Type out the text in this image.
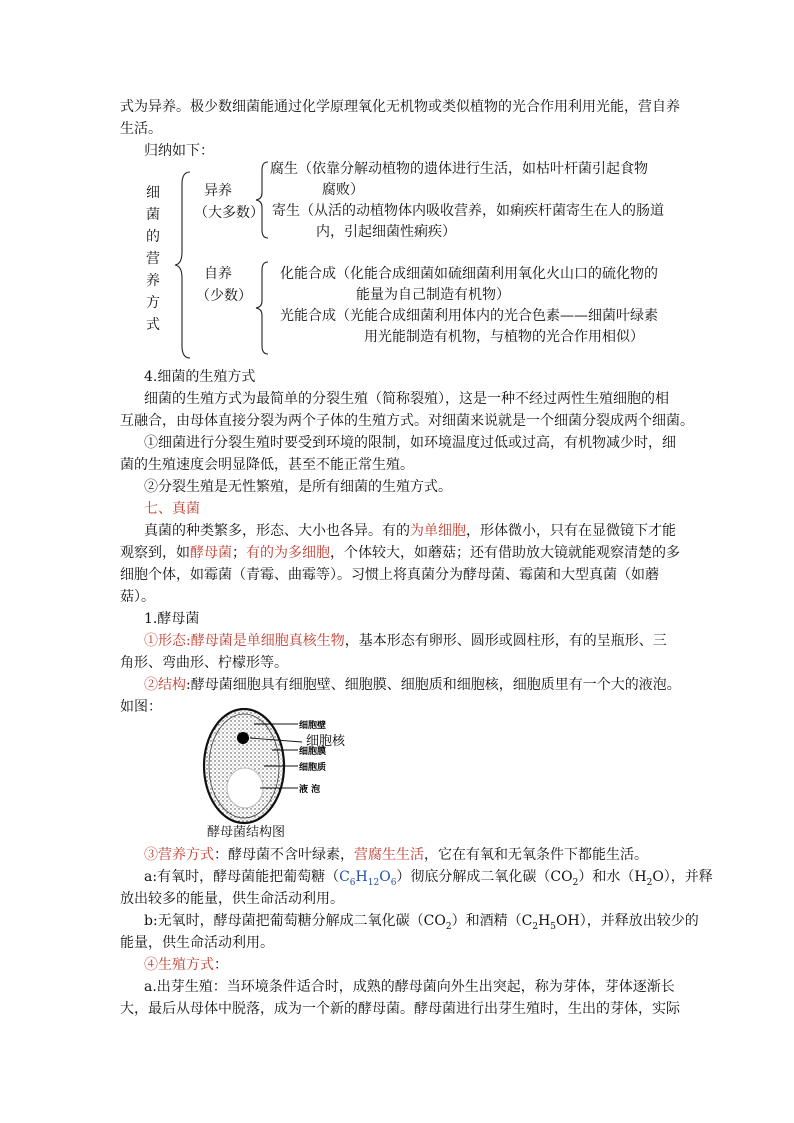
式为异养。极少数细菌能通过化学原理氧化无机物或类似植物的光合作用利用光能，营自养
生活。
归纳如下：
细
菌
的
营
养
方
式
异养
（大多数）
自养
（少数）
腐生（依靠分解动植物的遗体进行生活，如枯叶杆菌引起食物
腐败）
寄生（从活的动植物体内吸收营养，如痢疾杆菌寄生在人的肠道
内，引起细菌性痢疾）
化能合成（化能合成细菌如硫细菌利用氧化火山口的硫化物的
能量为自己制造有机物）
光能合成（光能合成细菌利用体内的光合色素——细菌叶绿素
用光能制造有机物，与植物的光合作用相似）
4.细菌的生殖方式
细菌的生殖方式为最简单的分裂生殖（简称裂殖），这是一种不经过两性生殖细胞的相
互融合，由母体直接分裂为两个子体的生殖方式。对细菌来说就是一个细菌分裂成两个细菌。
①细菌进行分裂生殖时要受到环境的限制，如环境温度过低或过高，有机物减少时，细
菌的生殖速度会明显降低，甚至不能正常生殖。
②分裂生殖是无性繁殖，是所有细菌的生殖方式。
七、真菌
真菌的种类繁多，形态、大小也各异。有的为单细胞，形体微小，只有在显微镜下才能
观察到，如酵母菌；有的为多细胞，个体较大，如蘑菇；还有借助放大镜就能观察清楚的多
细胞个体，如霉菌（青霉、曲霉等）。习惯上将真菌分为酵母菌、霉菌和大型真菌（如蘑
菇）。
1.酵母菌
①形态:酵母菌是单细胞真核生物，基本形态有卵形、圆形或圆柱形，有的呈瓶形、三
角形、弯曲形、柠檬形等。
②结构:酵母菌细胞具有细胞壁、细胞膜、细胞质和细胞核，细胞质里有一个大的液泡。
如图：
细胞壁
细胞核
细胞膜
细胞质
液 泡
酵母菌结构图
③营养方式：酵母菌不含叶绿素，营腐生生活，它在有氧和无氧条件下都能生活。
a:有氧时，酵母菌能把葡萄糖$(C_6H_{12}O_6)$彻底分解成二氧化碳$(CO_2)$和水$(H_2O)$，并释
放出较多的能量，供生命活动利用。
b:无氧时，酵母菌把葡萄糖分解成二氧化碳$(CO_2)$和酒精$(C_2H_5OH)$，并释放出较少的
能量，供生命活动利用。
④生殖方式：
a.出芽生殖：当环境条件适合时，成熟的酵母菌向外生出突起，称为芽体，芽体逐渐长
大，最后从母体中脱落，成为一个新的酵母菌。酵母菌进行出芽生殖时，生出的芽体，实际
